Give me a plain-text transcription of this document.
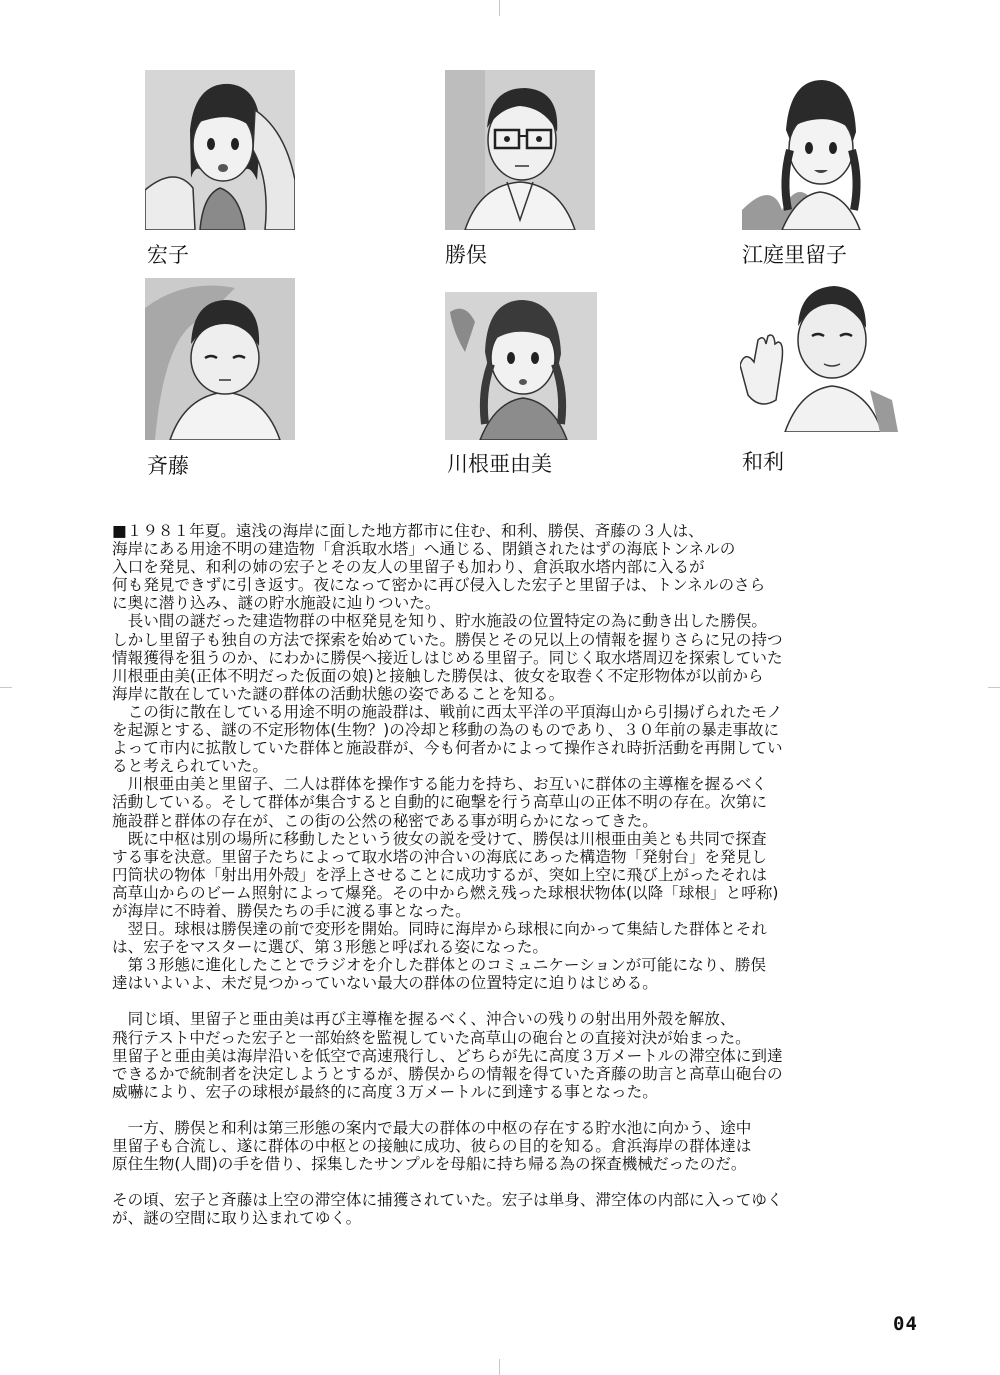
宏子	勝俣	江庭里留子
斉藤	川根亜由美	和利

■１９８１年夏。遠浅の海岸に面した地方都市に住む、和利、勝俣、斉藤の３人は、
海岸にある用途不明の建造物「倉浜取水塔」へ通じる、閉鎖されたはずの海底トンネルの
入口を発見、和利の姉の宏子とその友人の里留子も加わり、倉浜取水塔内部に入るが
何も発見できずに引き返す。夜になって密かに再び侵入した宏子と里留子は、トンネルのさら
に奥に潜り込み、謎の貯水施設に辿りついた。

　長い間の謎だった建造物群の中枢発見を知り、貯水施設の位置特定の為に動き出した勝俣。
しかし里留子も独自の方法で探索を始めていた。勝俣とその兄以上の情報を握りさらに兄の持つ
情報獲得を狙うのか、にわかに勝俣へ接近しはじめる里留子。同じく取水塔周辺を探索していた
川根亜由美(正体不明だった仮面の娘)と接触した勝俣は、彼女を取巻く不定形物体が以前から
海岸に散在していた謎の群体の活動状態の姿であることを知る。

　この街に散在している用途不明の施設群は、戦前に西太平洋の平頂海山から引揚げられたモノ
を起源とする、謎の不定形物体(生物？)の冷却と移動の為のものであり、３０年前の暴走事故に
よって市内に拡散していた群体と施設群が、今も何者かによって操作され時折活動を再開してい
ると考えられていた。

　川根亜由美と里留子、二人は群体を操作する能力を持ち、お互いに群体の主導権を握るべく
活動している。そして群体が集合すると自動的に砲撃を行う高草山の正体不明の存在。次第に
施設群と群体の存在が、この街の公然の秘密である事が明らかになってきた。

　既に中枢は別の場所に移動したという彼女の説を受けて、勝俣は川根亜由美とも共同で探査
する事を決意。里留子たちによって取水塔の沖合いの海底にあった構造物「発射台」を発見し
円筒状の物体「射出用外殻」を浮上させることに成功するが、突如上空に飛び上がったそれは
高草山からのビーム照射によって爆発。その中から燃え残った球根状物体(以降「球根」と呼称)
が海岸に不時着、勝俣たちの手に渡る事となった。

　翌日。球根は勝俣達の前で変形を開始。同時に海岸から球根に向かって集結した群体とそれ
は、宏子をマスターに選び、第３形態と呼ばれる姿になった。

　第３形態に進化したことでラジオを介した群体とのコミュニケーションが可能になり、勝俣
達はいよいよ、未だ見つかっていない最大の群体の位置特定に迫りはじめる。

　同じ頃、里留子と亜由美は再び主導権を握るべく、沖合いの残りの射出用外殻を解放、
飛行テスト中だった宏子と一部始終を監視していた高草山の砲台との直接対決が始まった。
里留子と亜由美は海岸沿いを低空で高速飛行し、どちらが先に高度３万メートルの滞空体に到達
できるかで統制者を決定しようとするが、勝俣からの情報を得ていた斉藤の助言と高草山砲台の
威嚇により、宏子の球根が最終的に高度３万メートルに到達する事となった。

　一方、勝俣と和利は第三形態の案内で最大の群体の中枢の存在する貯水池に向かう、途中
里留子も合流し、遂に群体の中枢との接触に成功、彼らの目的を知る。倉浜海岸の群体達は
原住生物(人間)の手を借り、採集したサンプルを母船に持ち帰る為の探査機械だったのだ。

その頃、宏子と斉藤は上空の滞空体に捕獲されていた。宏子は単身、滞空体の内部に入ってゆく
が、謎の空間に取り込まれてゆく。

04
